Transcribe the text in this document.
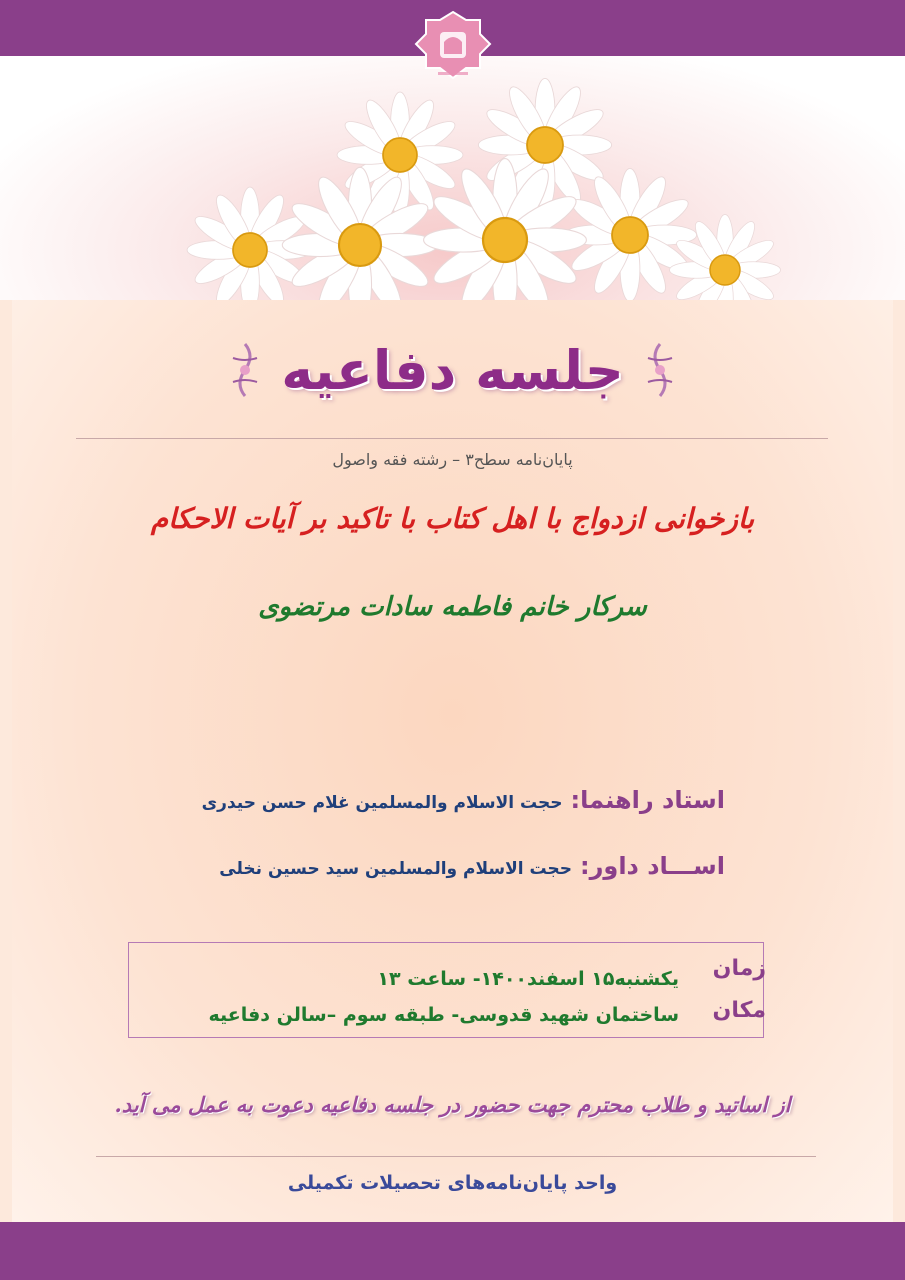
جلسه دفاعیه
پایان‌نامه سطح۳ – رشته فقه واصول
بازخوانی ازدواج با اهل کتاب با تاکید بر آیات الاحکام
سرکار خانم فاطمه سادات مرتضوی
استاد راهنما:
حجت الاسلام والمسلمین غلام حسن حیدری
اســـاد داور:
حجت الاسلام والمسلمین سید حسین نخلی
زمان
مکان
یکشنبه۱۵ اسفند۱۴۰۰- ساعت ۱۳
ساختمان شهید قدوسی- طبقه سوم –سالن دفاعیه
از اساتید و طلاب محترم جهت حضور در جلسه دفاعیه دعوت به عمل می آید.
واحد پایان‌نامه‌های تحصیلات تکمیلی
